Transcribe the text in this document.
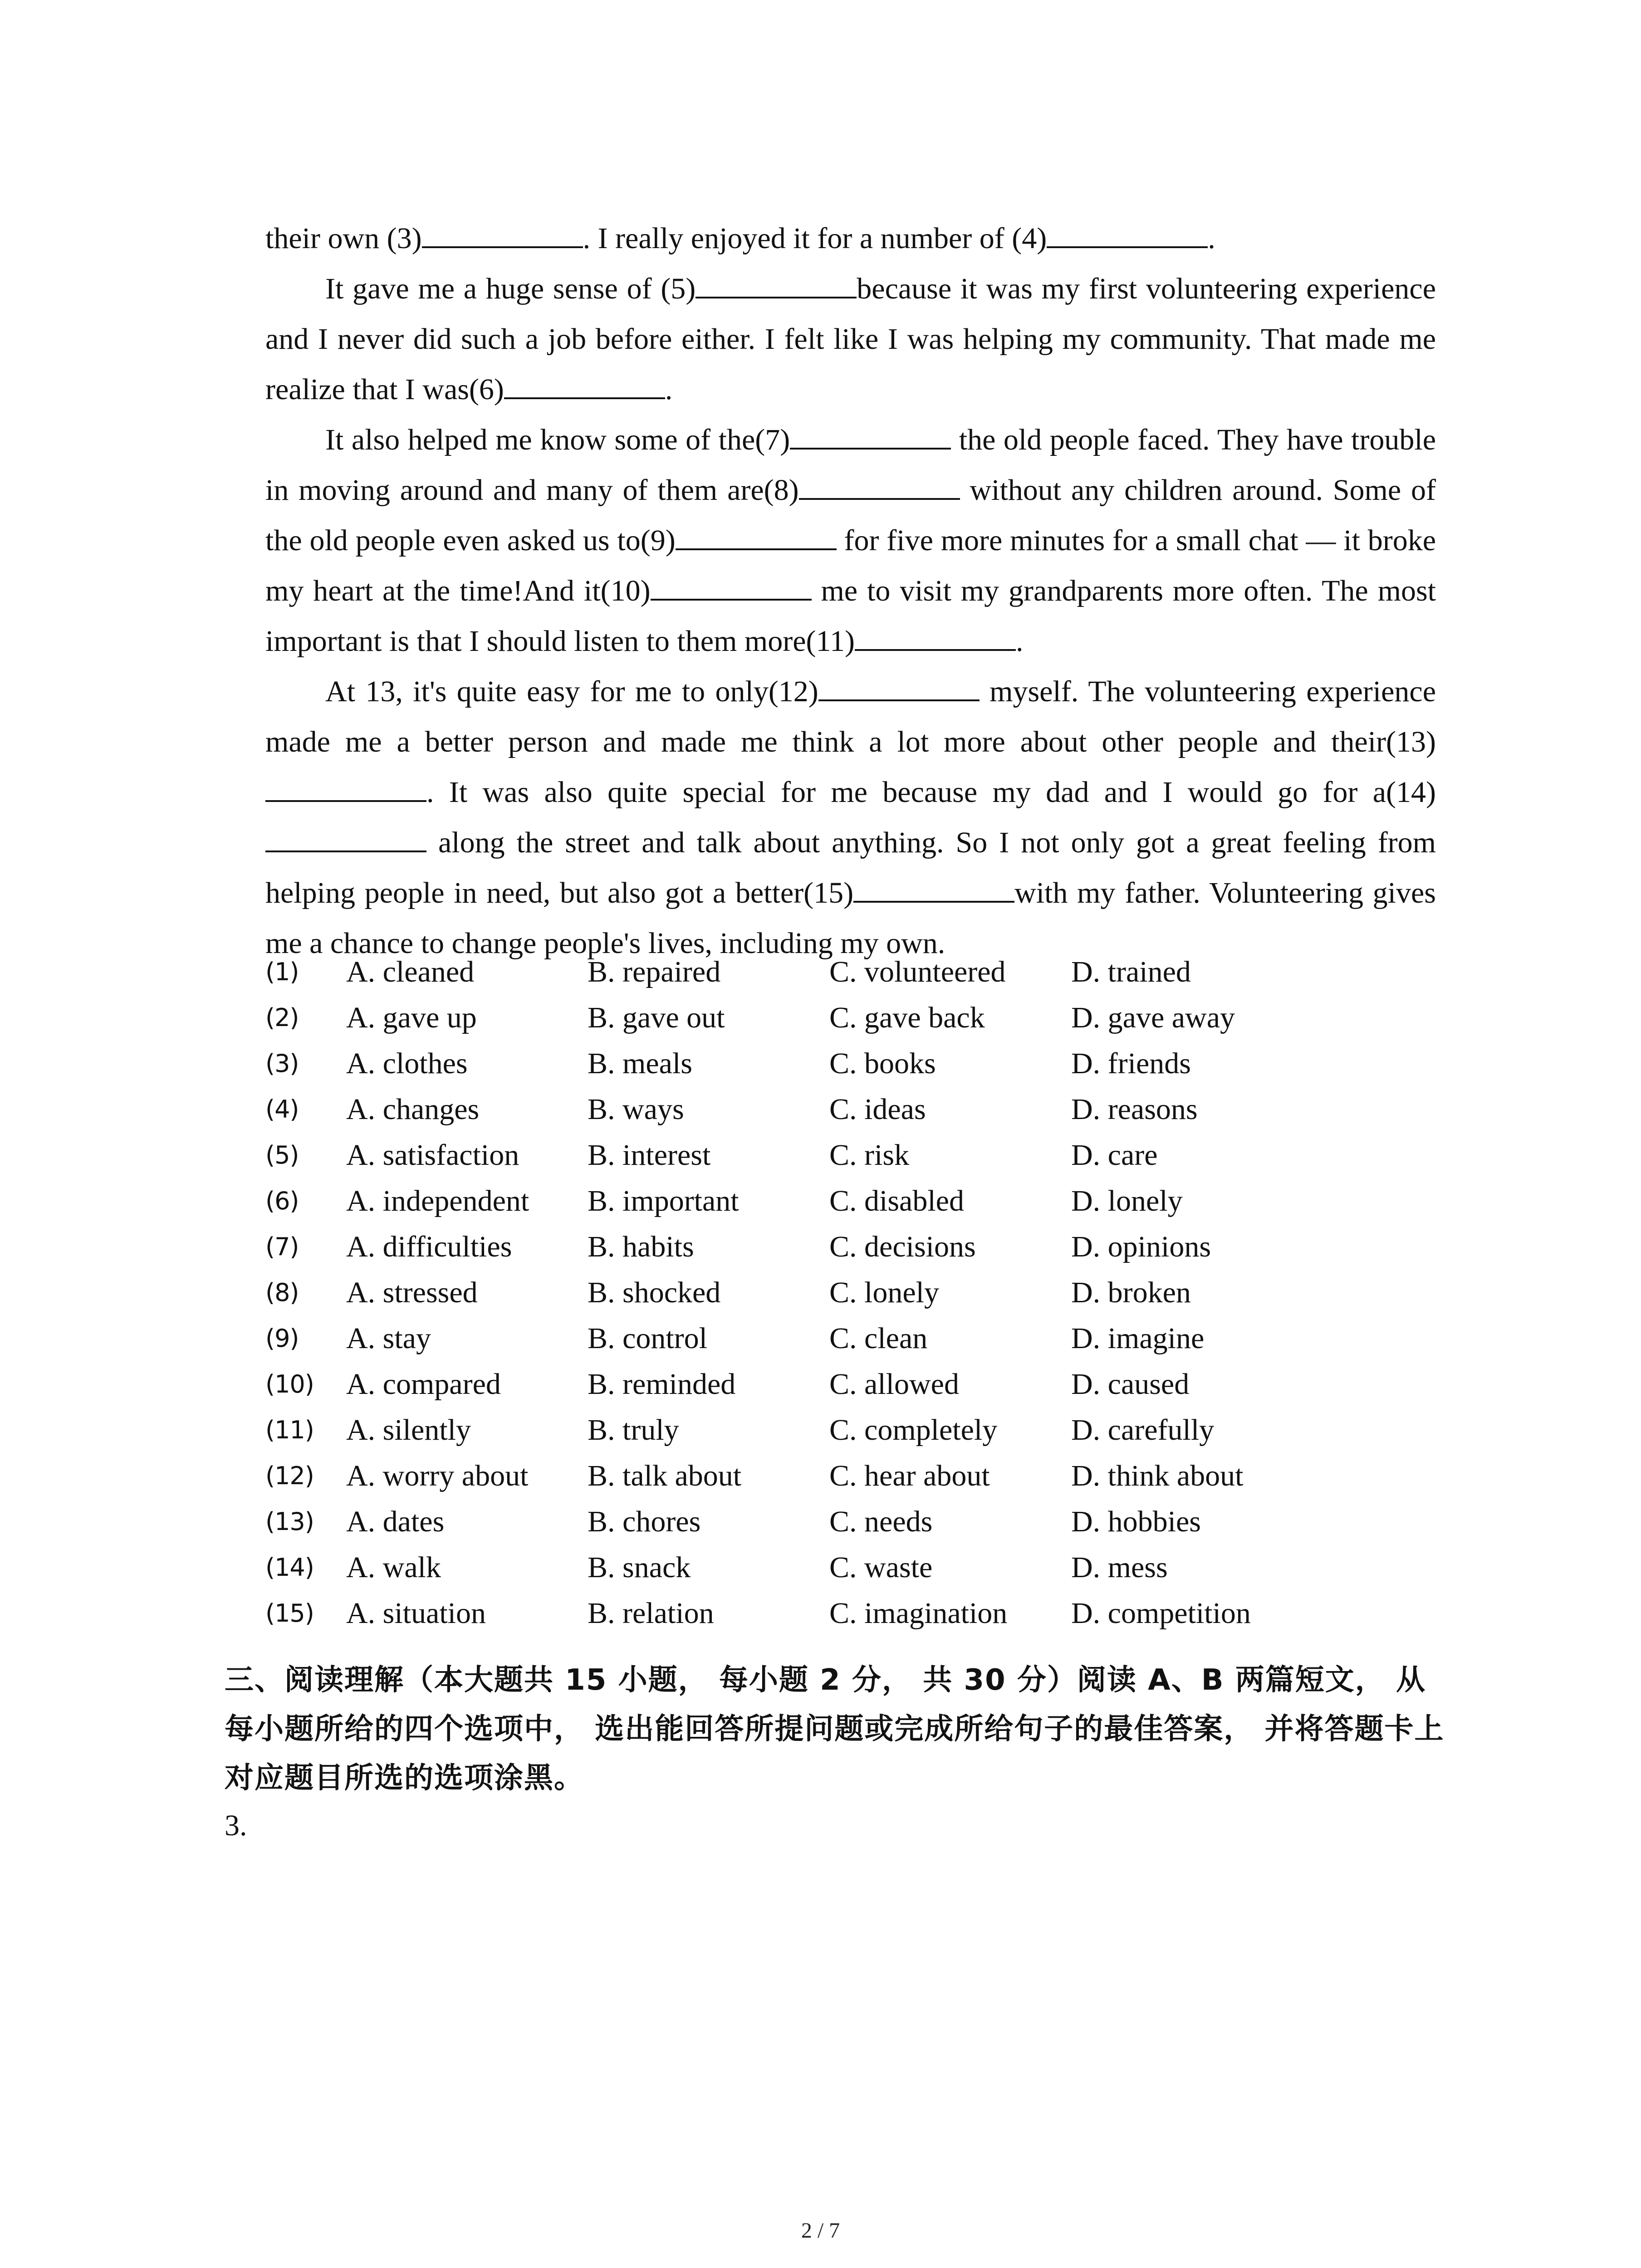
their own (3)	. I really enjoyed it for a number of (4)	.

It gave me a huge sense of (5)	because it was my first volunteering experience and I never did such a job before either. I felt like I was helping my community. That made me realize that I was(6)	.

It also helped me know some of the(7)	the old people faced. They have trouble in moving around and many of them are(8)	without any children around. Some of the old people even asked us to(9)	for five more minutes for a small chat — it broke my heart at the time!And it(10)	me to visit my grandparents more often. The most important is that I should listen to them more(11)	.

At 13, it's quite easy for me to only(12)	myself. The volunteering experience made me a better person and made me think a lot more about other people and their(13). It was also quite special for me because my dad and I would go for a(14) along the street and talk about anything. So I not only got a great feeling from helping people in need, but also got a better(15)	with my father. Volunteering gives me a chance to change people's lives, including my own.

(1) A. cleaned	B. repaired	C. volunteered D. trained
(2) A. gave up	B. gave out	C. gave back	D. gave away
(3) A. clothes	B. meals	C. books	D. friends
(4) A. changes	B. ways	C. ideas	D. reasons
(5) A. satisfaction B. interest	C. risk	D. care
(6) A. independent B. important	C. disabled	D. lonely
(7) A. difficulties	B. habits	C. decisions	D. opinions
(8) A. stressed	B. shocked	C. lonely	D. broken
(9) A. stay	B. control	C. clean	D. imagine
(10) A. compared	B. reminded	C. allowed	D. caused
(11) A. silently	B. truly	C. completely D. carefully
(12) A. worry about B. talk about	C. hear about	D. think about
(13) A. dates	B. chores	C. needs	D. hobbies
(14) A. walk	B. snack	C. waste	D. mess
(15) A. situation	B. relation	C. imagination D. competition
三、阅读理解（本大题共 15 小题， 每小题 2 分， 共 30 分）阅读 A、B 两篇短文， 从每小题所给的四个选项中， 选出能回答所提问题或完成所给句子的最佳答案， 并将答题卡上对应题目所选的选项涂黑。
3.
2 / 7
